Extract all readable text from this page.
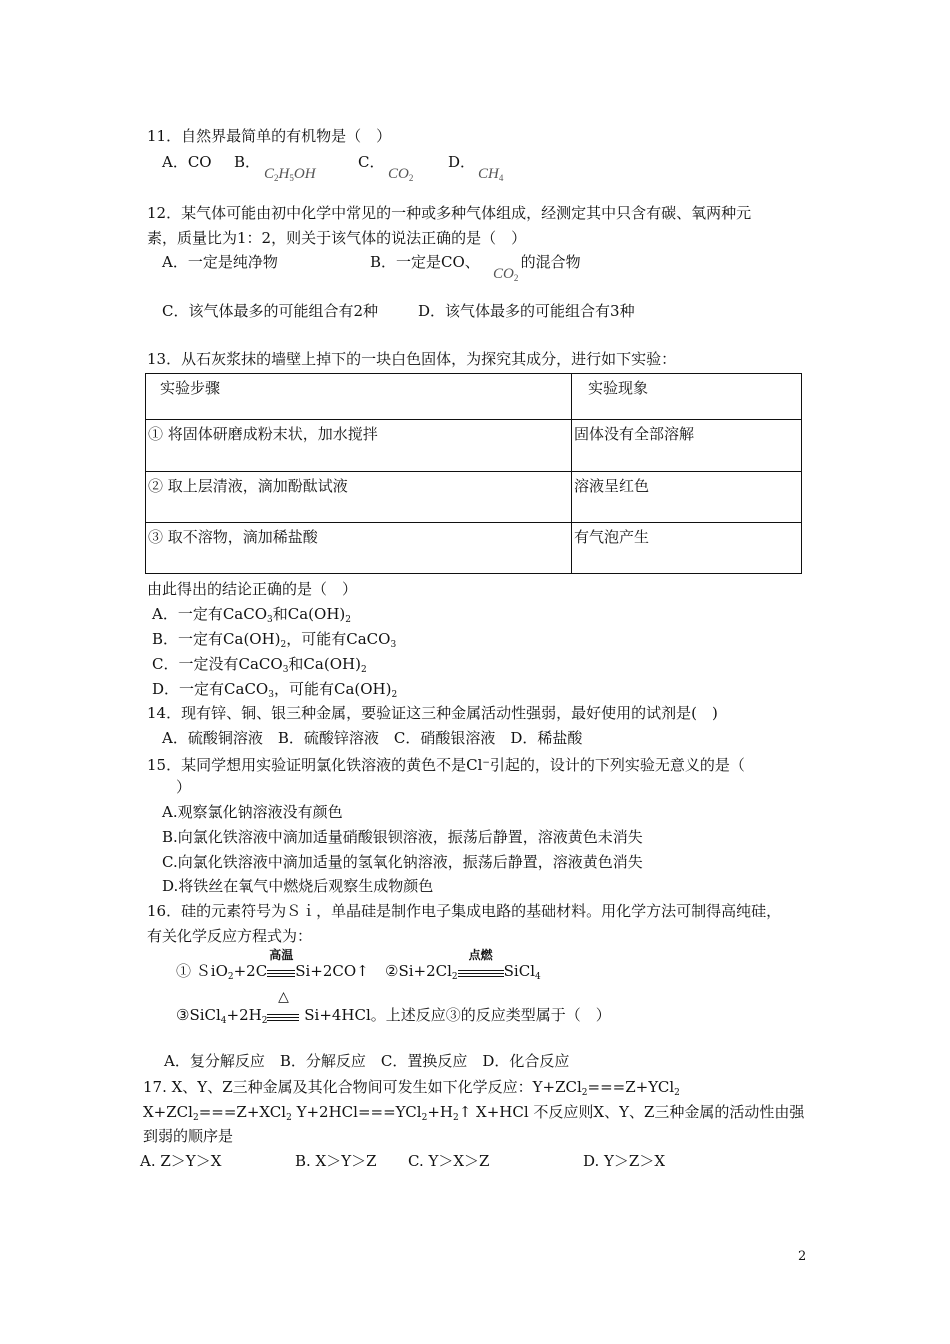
11．自然界最简单的有机物是（　）
A．CO B．
$C_2H_5OH$
C．
$CO_2$
D．
$CH_4$
12．某气体可能由初中化学中常见的一种或多种气体组成，经测定其中只含有碳、氧两种元
素，质量比为1：2，则关于该气体的说法正确的是（　）
A．一定是纯净物	B．一定是CO、
$CO_2$
的混合物
C．该气体最多的可能组合有2种	D．该气体最多的可能组合有3种
13．从石灰浆抹的墙壁上掉下的一块白色固体，为探究其成分，进行如下实验：
实验步骤	实验现象
① 将固体研磨成粉末状，加水搅拌	固体没有全部溶解
② 取上层清液，滴加酚酞试液	溶液呈红色
③ 取不溶物，滴加稀盐酸	有气泡产生
由此得出的结论正确的是（　）
A．一定有CaCO$_3$和$Ca(OH)_2$
B．一定有$Ca(OH)_2$，可能有CaCO$_3$
C．一定没有CaCO$_3$和$Ca(OH)_2$
D．一定有CaCO$_3$，可能有$Ca(OH)_2$
14．现有锌、铜、银三种金属，要验证这三种金属活动性强弱，最好使用的试剂是(　)
A．硫酸铜溶液　B．硫酸锌溶液　C．硝酸银溶液　D．稀盐酸
15．某同学想用实验证明氯化铁溶液的黄色不是Cl−引起的，设计的下列实验无意义的是（
）
A.观察氯化钠溶液没有颜色
B.向氯化铁溶液中滴加适量硝酸银钡溶液，振荡后静置，溶液黄色未消失
C.向氯化铁溶液中滴加适量的氢氧化钠溶液，振荡后静置，溶液黄色消失
D.将铁丝在氧气中燃烧后观察生成物颜色
16．硅的元素符号为Ｓｉ，单晶硅是制作电子集成电路的基础材料。用化学方法可制得高纯硅，
有关化学反应方程式为：
① ＳiO$_2$+2C
高温
Si+2CO↑ $②Si+2Cl_2$
点燃
SiCl$_4$
$③SiCl_4+2H_2$
△
Si+4HCl。上述反应③的反应类型属于（　）
A．复分解反应　B．分解反应　C．置换反应　D．化合反应
17. X、Y、Z三种金属及其化合物间可发生如下化学反应：Y+ZCl$_2$===Z+YCl$_2$
X+ZCl$_2$===Z+XCl$_2$ $Y+2HCl===YCl_2+H_2↑$ X+HCl 不反应则X、Y、Z三种金属的活动性由强
到弱的顺序是
A. Z＞Y＞X	B. X＞Y＞Z C. Y＞X＞Z	D. Y＞Z＞X
2
